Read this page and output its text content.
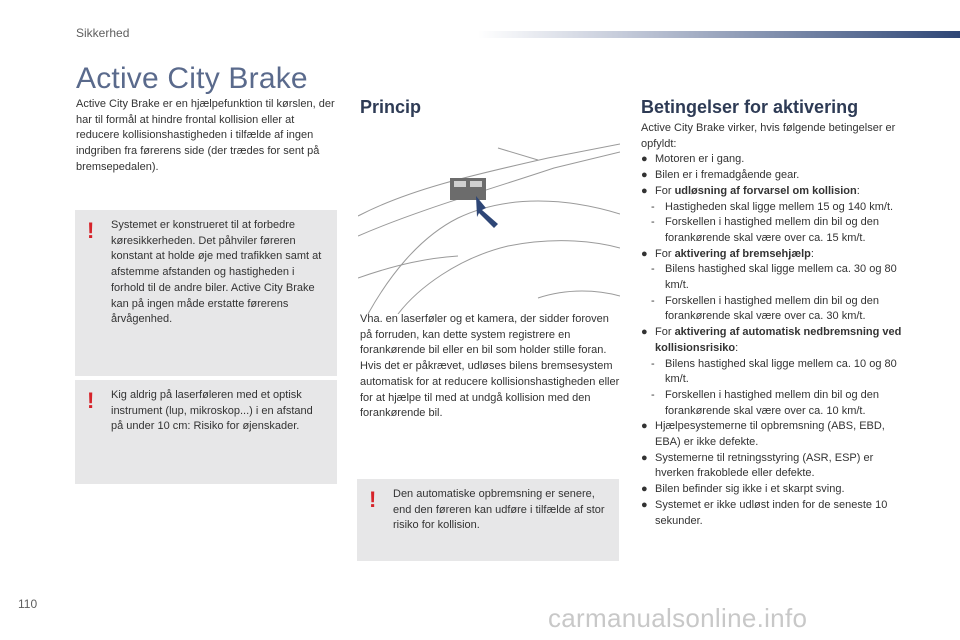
Sikkerhed
Active City Brake
Active City Brake er en hjælpefunktion til kørslen, der har til formål at hindre frontal kollision eller at reducere kollisionshastigheden i tilfælde af ingen indgriben fra førerens side (der trædes for sent på bremsepedalen).
! Systemet er konstrueret til at forbedre køresikkerheden. Det påhviler føreren konstant at holde øje med trafikken samt at afstemme afstanden og hastigheden i forhold til de andre biler. Active City Brake kan på ingen måde erstatte førerens årvågenhed.
! Kig aldrig på laserføleren med et optisk instrument (lup, mikroskop...) i en afstand på under 10 cm: Risiko for øjenskader.
Princip
Vha. en laserføler og et kamera, der sidder foroven på forruden, kan dette system registrere en forankørende bil eller en bil som holder stille foran. Hvis det er påkrævet, udløses bilens bremsesystem automatisk for at reducere kollisionshastigheden eller for at hjælpe til med at undgå kollision med den forankørende bil.
! Den automatiske opbremsning er senere, end den føreren kan udføre i tilfælde af stor risiko for kollision.
Betingelser for aktivering

Active City Brake virker, hvis følgende betingelser er opfyldt:

● Motoren er i gang.
● Bilen er i fremadgående gear.
● For udløsning af forvarsel om kollision:
- Hastigheden skal ligge mellem 15 og 140 km/t.
- Forskellen i hastighed mellem din bil og den forankørende skal være over ca. 15 km/t.
● For aktivering af bremsehjælp:
- Bilens hastighed skal ligge mellem ca. 30 og 80 km/t.
- Forskellen i hastighed mellem din bil og den forankørende skal være over ca. 30 km/t.
● For aktivering af automatisk nedbremsning ved kollisionsrisiko:
- Bilens hastighed skal ligge mellem ca. 10 og 80 km/t.
- Forskellen i hastighed mellem din bil og den forankørende skal være over ca. 10 km/t.
● Hjælpesystemerne til opbremsning (ABS, EBD, EBA) er ikke defekte.
● Systemerne til retningsstyring (ASR, ESP) er hverken frakoblede eller defekte.
● Bilen befinder sig ikke i et skarpt sving.
● Systemet er ikke udløst inden for de seneste 10 sekunder.
110	carmanualsonline.info
